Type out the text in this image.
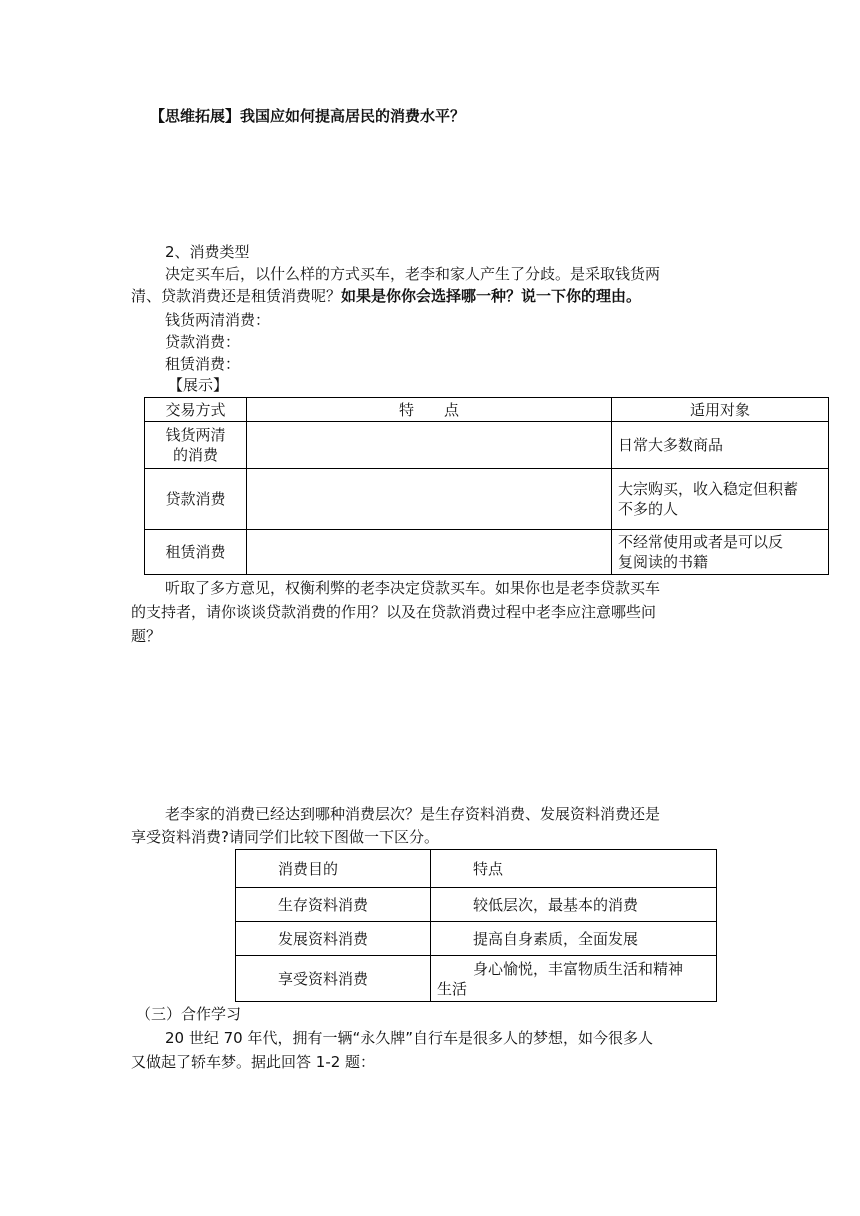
【思维拓展】我国应如何提高居民的消费水平？
2、消费类型
决定买车后，以什么样的方式买车，老李和家人产生了分歧。是采取钱货两
清、贷款消费还是租赁消费呢？如果是你你会选择哪一种？说一下你的理由。
钱货两清消费：
贷款消费：
租赁消费：
【展示】
交易方式	特　　点	适用对象

钱货两清
的消费		日常大多数商品

贷款消费		大宗购买，收入稳定但积蓄
不多的人

租赁消费		不经常使用或者是可以反
复阅读的书籍
听取了多方意见，权衡利弊的老李决定贷款买车。如果你也是老李贷款买车
的支持者，请你谈谈贷款消费的作用？以及在贷款消费过程中老李应注意哪些问
题？
老李家的消费已经达到哪种消费层次？是生存资料消费、发展资料消费还是
享受资料消费?请同学们比较下图做一下区分。
消费目的	特点
生存资料消费	较低层次，最基本的消费
发展资料消费	提高自身素质，全面发展
享受资料消费	身心愉悦，丰富物质生活和精神
生活
（三）合作学习
20 世纪 70 年代，拥有一辆“永久牌”自行车是很多人的梦想，如今很多人
又做起了轿车梦。据此回答 1-2 题：
